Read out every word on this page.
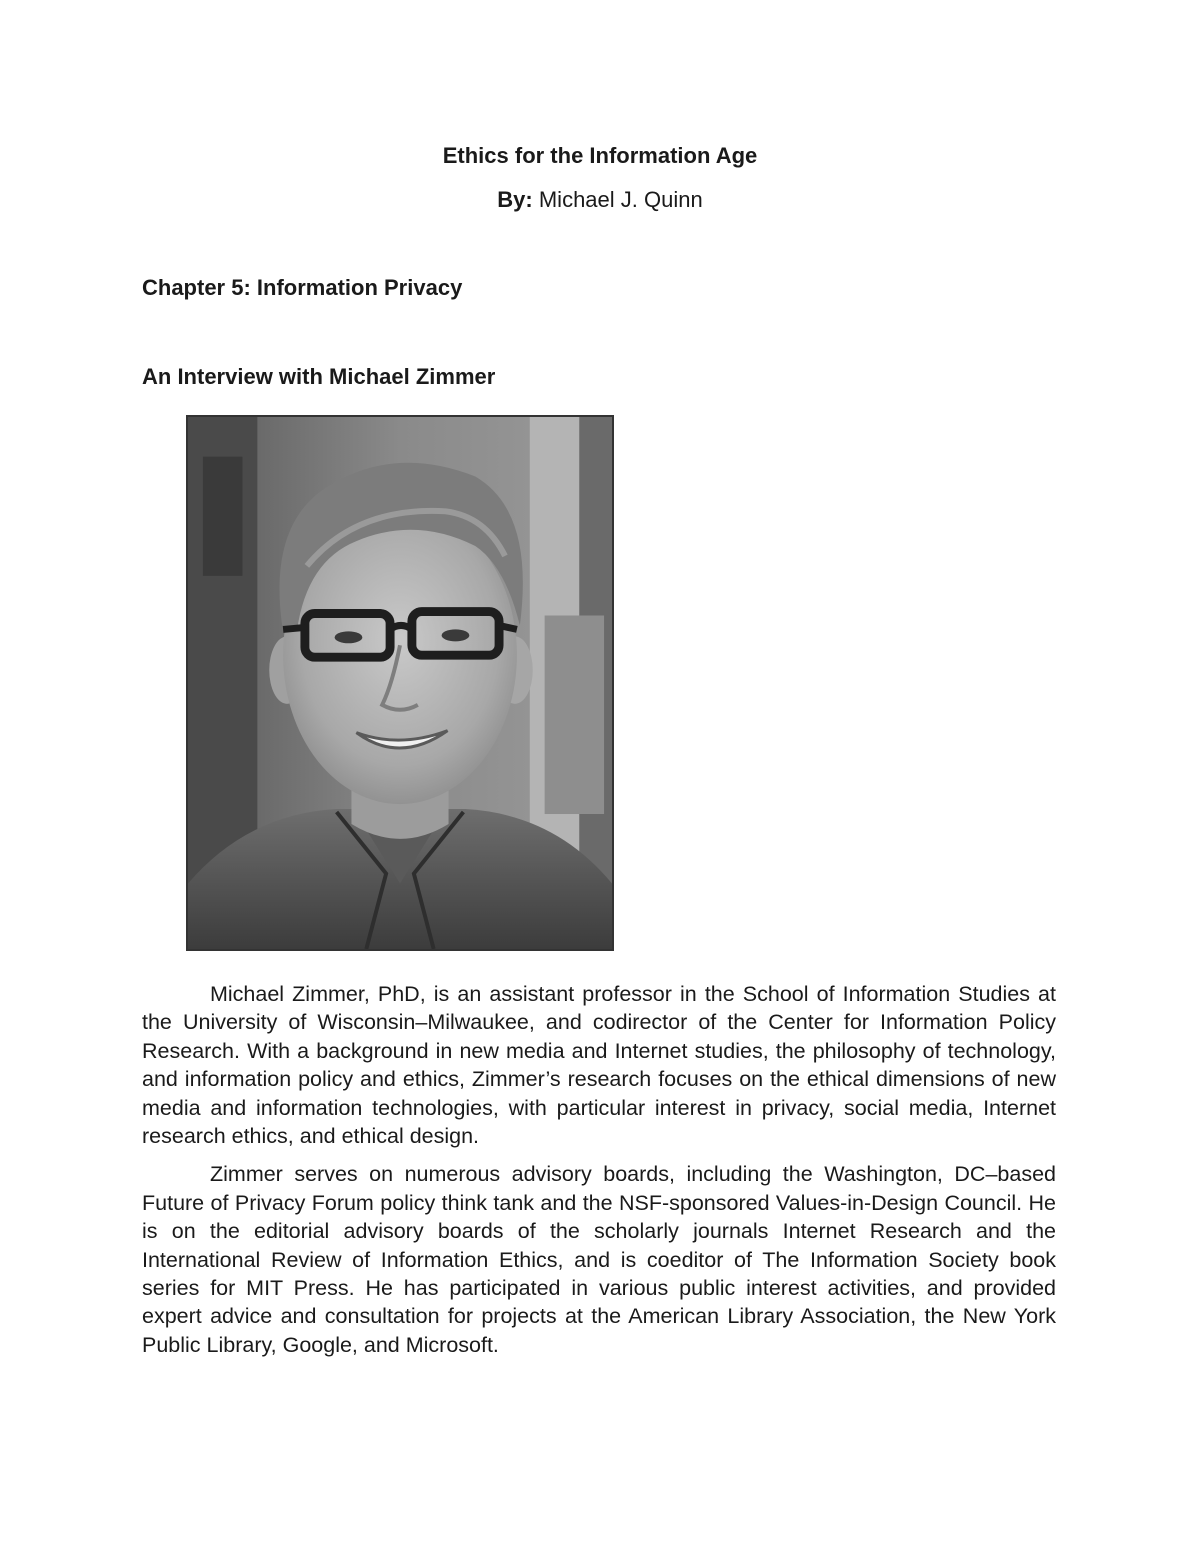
Ethics for the Information Age
By: Michael J. Quinn
Chapter 5: Information Privacy
An Interview with Michael Zimmer

Michael Zimmer, PhD, is an assistant professor in the School of Information Studies at the University of Wisconsin–Milwaukee, and codirector of the Center for Information Policy Research. With a background in new media and Internet studies, the philosophy of technology, and information policy and ethics, Zimmer’s research focuses on the ethical dimensions of new media and information technologies, with particular interest in privacy, social media, Internet research ethics, and ethical design.

Zimmer serves on numerous advisory boards, including the Washington, DC–based Future of Privacy Forum policy think tank and the NSF-sponsored Values-in-Design Council. He is on the editorial advisory boards of the scholarly journals Internet Research and the International Review of Information Ethics, and is coeditor of The Information Society book series for MIT Press. He has participated in various public interest activities, and provided expert advice and consultation for projects at the American Library Association, the New York Public Library, Google, and Microsoft.
